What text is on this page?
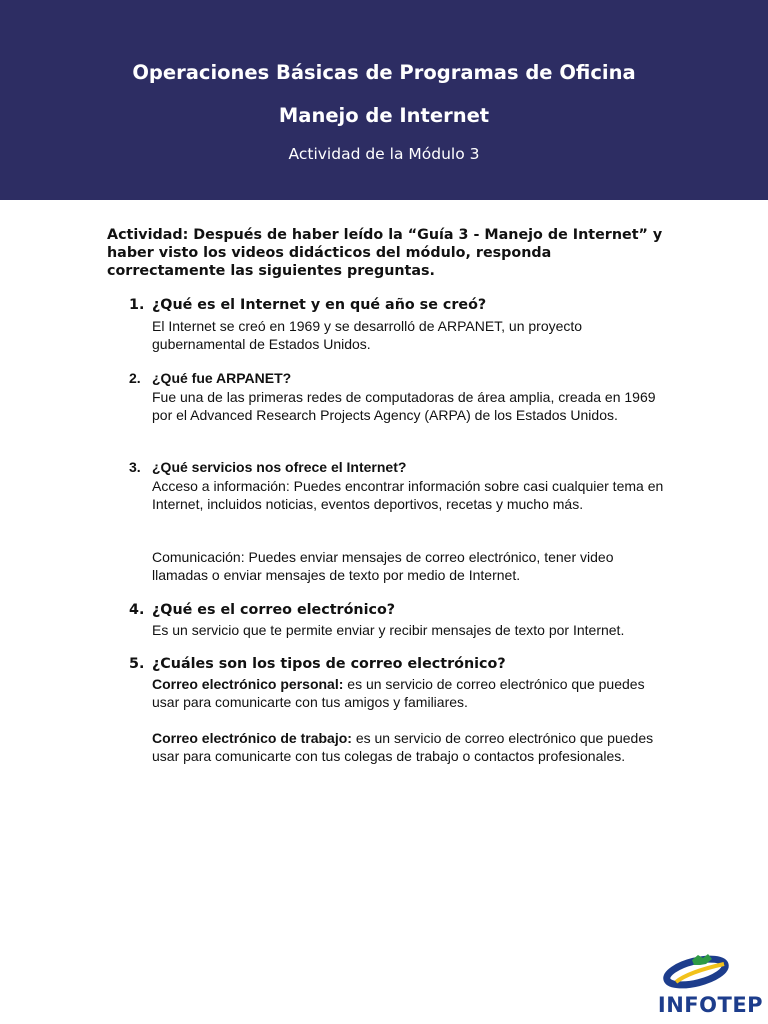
Operaciones Básicas de Programas de Oficina
Manejo de Internet
Actividad de la Módulo 3
Actividad: Después de haber leído la “Guía 3 - Manejo de Internet” y haber visto los videos didácticos del módulo, responda correctamente las siguientes preguntas.
1. ¿Qué es el Internet y en qué año se creó?
El Internet se creó en 1969 y se desarrolló de ARPANET, un proyecto gubernamental de Estados Unidos.
2. ¿Qué fue ARPANET?
Fue una de las primeras redes de computadoras de área amplia, creada en 1969 por el Advanced Research Projects Agency (ARPA) de los Estados Unidos.
3. ¿Qué servicios nos ofrece el Internet?
Acceso a información: Puedes encontrar información sobre casi cualquier tema en Internet, incluidos noticias, eventos deportivos, recetas y mucho más.
Comunicación: Puedes enviar mensajes de correo electrónico, tener video llamadas o enviar mensajes de texto por medio de Internet.
4. ¿Qué es el correo electrónico?
Es un servicio que te permite enviar y recibir mensajes de texto por Internet.
5. ¿Cuáles son los tipos de correo electrónico?
Correo electrónico personal: es un servicio de correo electrónico que puedes usar para comunicarte con tus amigos y familiares.
Correo electrónico de trabajo: es un servicio de correo electrónico que puedes usar para comunicarte con tus colegas de trabajo o contactos profesionales.
INFOTEP
